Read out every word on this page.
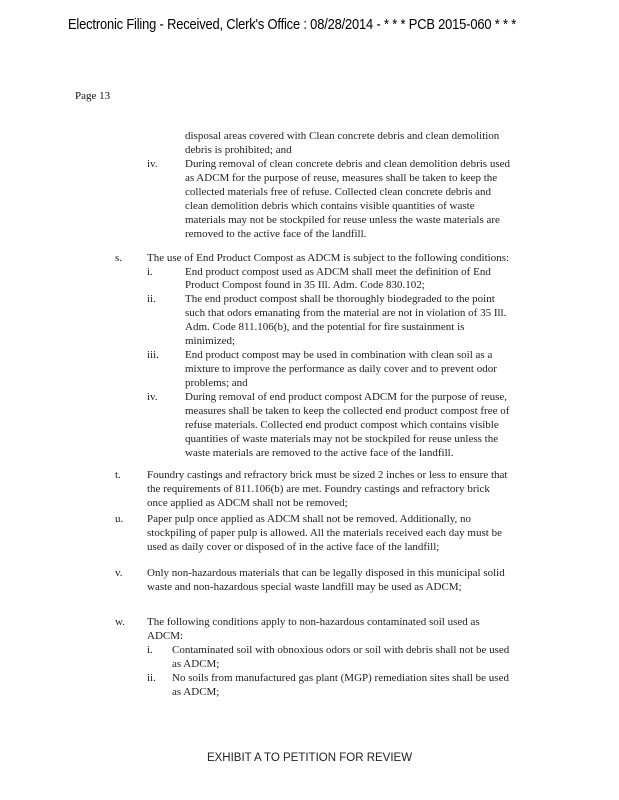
Electronic Filing - Received, Clerk's Office : 08/28/2014 - * * * PCB 2015-060 * * *
Page 13
disposal areas covered with Clean concrete debris and clean demolition
debris is prohibited; and
iv. During removal of clean concrete debris and clean demolition debris used
as ADCM for the purpose of reuse, measures shall be taken to keep the
collected materials free of refuse. Collected clean concrete debris and
clean demolition debris which contains visible quantities of waste
materials may not be stockpiled for reuse unless the waste materials are
removed to the active face of the landfill.
s. The use of End Product Compost as ADCM is subject to the following conditions:
i.	End product compost used as ADCM shall meet the definition of End
Product Compost found in 35 Ill. Adm. Code 830.102;
ii.	The end product compost shall be thoroughly biodegraded to the point
such that odors emanating from the material are not in violation of 35 Ill.
Adm. Code 811.106(b), and the potential for fire sustainment is
minimized;
iii. End product compost may be used in combination with clean soil as a
mixture to improve the performance as daily cover and to prevent odor
problems; and
iv. During removal of end product compost ADCM for the purpose of reuse,
measures shall be taken to keep the collected end product compost free of
refuse materials. Collected end product compost which contains visible
quantities of waste materials may not be stockpiled for reuse unless the
waste materials are removed to the active face of the landfill.
t. Foundry castings and refractory brick must be sized 2 inches or less to ensure that
the requirements of 811.106(b) are met. Foundry castings and refractory brick
once applied as ADCM shall not be removed;
u. Paper pulp once applied as ADCM shall not be removed. Additionally, no
stockpiling of paper pulp is allowed. All the materials received each day must be
used as daily cover or disposed of in the active face of the landfill;
v. Only non-hazardous materials that can be legally disposed in this municipal solid
waste and non-hazardous special waste landfill may be used as ADCM;
w. The following conditions apply to non-hazardous contaminated soil used as
ADCM:
i. Contaminated soil with obnoxious odors or soil with debris shall not be used
as ADCM;
ii. No soils from manufactured gas plant (MGP) remediation sites shall be used
as ADCM;
EXHIBIT A TO PETITION FOR REVIEW
